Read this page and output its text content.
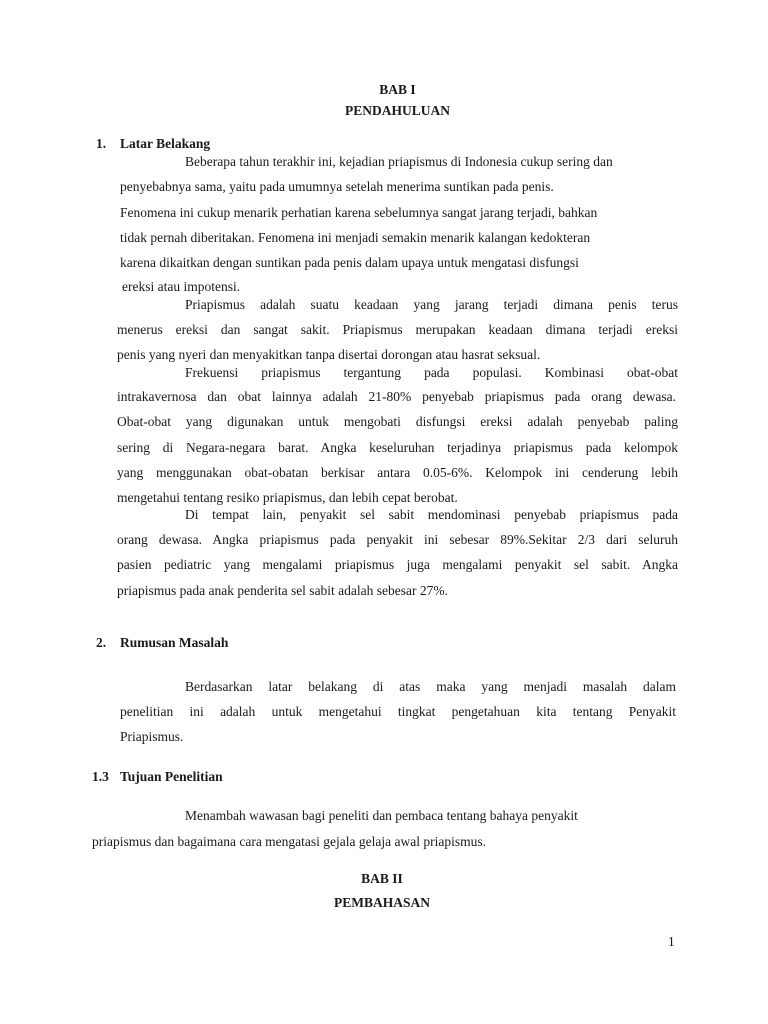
BAB I
PENDAHULUAN
1. Latar Belakang
Beberapa tahun terakhir ini, kejadian priapismus di Indonesia cukup sering dan
penyebabnya sama, yaitu pada umumnya setelah menerima suntikan pada penis.
Fenomena ini cukup menarik perhatian karena sebelumnya sangat jarang terjadi, bahkan
tidak pernah diberitakan. Fenomena ini menjadi semakin menarik kalangan kedokteran
karena dikaitkan dengan suntikan pada penis dalam upaya untuk mengatasi disfungsi
ereksi atau impotensi.
Priapismus adalah suatu keadaan yang jarang terjadi dimana penis terus
menerus ereksi dan sangat sakit. Priapismus merupakan keadaan dimana terjadi ereksi
penis yang nyeri dan menyakitkan tanpa disertai dorongan atau hasrat seksual.
Frekuensi priapismus tergantung pada populasi. Kombinasi obat-obat
intrakavernosa dan obat lainnya adalah 21-80% penyebab priapismus pada orang dewasa.
Obat-obat yang digunakan untuk mengobati disfungsi ereksi adalah penyebab paling
sering di Negara-negara barat. Angka keseluruhan terjadinya priapismus pada kelompok
yang menggunakan obat-obatan berkisar antara 0.05-6%. Kelompok ini cenderung lebih
mengetahui tentang resiko priapismus, dan lebih cepat berobat.
Di tempat lain, penyakit sel sabit mendominasi penyebab priapismus pada
orang dewasa. Angka priapismus pada penyakit ini sebesar 89%.Sekitar 2/3 dari seluruh
pasien pediatric yang mengalami priapismus juga mengalami penyakit sel sabit. Angka
priapismus pada anak penderita sel sabit adalah sebesar 27%.
2. Rumusan Masalah
Berdasarkan latar belakang di atas maka yang menjadi masalah dalam
penelitian ini adalah untuk mengetahui tingkat pengetahuan kita tentang Penyakit
Priapismus.
1.3 Tujuan Penelitian
Menambah wawasan bagi peneliti dan pembaca tentang bahaya penyakit
priapismus dan bagaimana cara mengatasi gejala gelaja awal priapismus.
BAB II
PEMBAHASAN
1
